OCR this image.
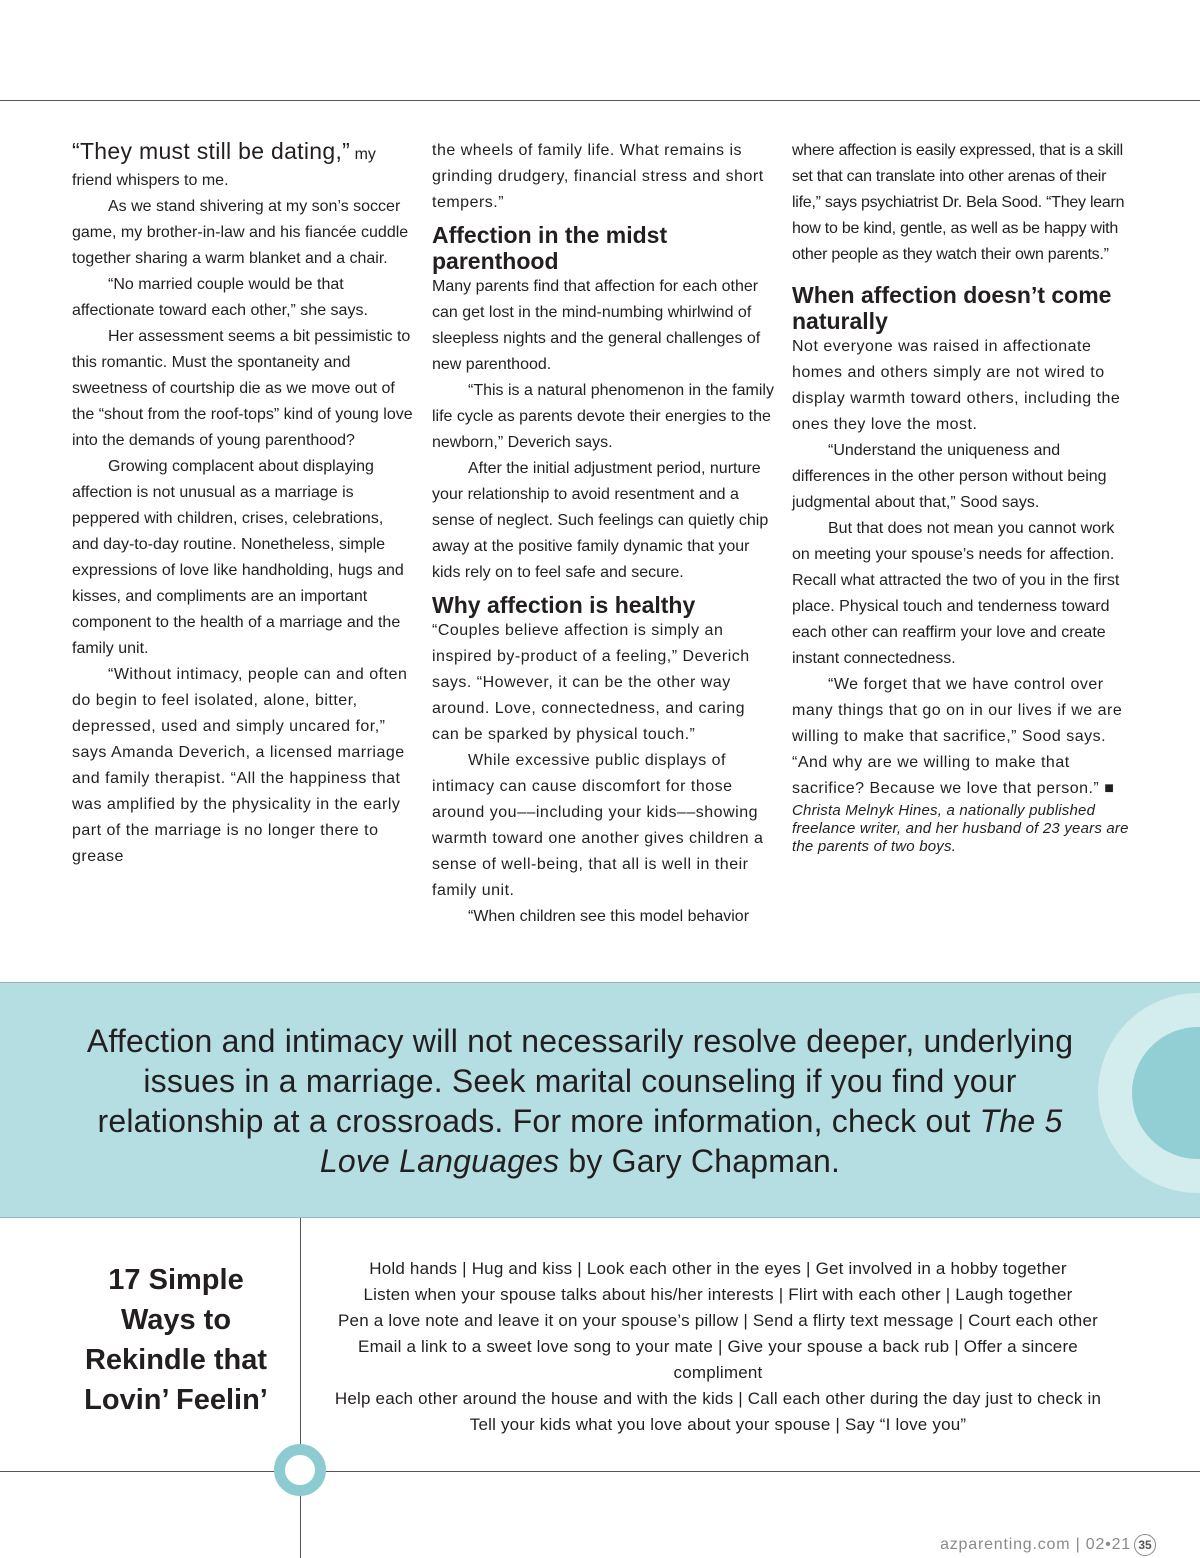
“They must still be dating,” my friend whispers to me.

As we stand shivering at my son’s soccer game, my brother-in-law and his fiancée cuddle together sharing a warm blanket and a chair.

“No married couple would be that affectionate toward each other,” she says.

Her assessment seems a bit pessimistic to this romantic. Must the spontaneity and sweetness of courtship die as we move out of the “shout from the roof-tops” kind of young love into the demands of young parenthood?

Growing complacent about displaying affection is not unusual as a marriage is peppered with children, crises, celebrations, and day-to-day routine. Nonetheless, simple expressions of love like handholding, hugs and kisses, and compliments are an important component to the health of a marriage and the family unit.

“Without intimacy, people can and often do begin to feel isolated, alone, bitter, depressed, used and simply uncared for,” says Amanda Deverich, a licensed marriage and family therapist. “All the happiness that was amplified by the physicality in the early part of the marriage is no longer there to grease

the wheels of family life. What remains is grinding drudgery, financial stress and short tempers.”

Affection in the midst parenthood

Many parents find that affection for each other can get lost in the mind-numbing whirlwind of sleepless nights and the general challenges of new parenthood.

“This is a natural phenomenon in the family life cycle as parents devote their energies to the newborn,” Deverich says.

After the initial adjustment period, nurture your relationship to avoid resentment and a sense of neglect. Such feelings can quietly chip away at the positive family dynamic that your kids rely on to feel safe and secure.

Why affection is healthy

“Couples believe affection is simply an inspired by-product of a feeling,” Deverich says. “However, it can be the other way around. Love, connectedness, and caring can be sparked by physical touch.”

While excessive public displays of intimacy can cause discomfort for those around you––including your kids––showing warmth toward one another gives children a sense of well-being, that all is well in their family unit.

“When children see this model behavior

where affection is easily expressed, that is a skill set that can translate into other arenas of their life,” says psychiatrist Dr. Bela Sood. “They learn how to be kind, gentle, as well as be happy with other people as they watch their own parents.”

When affection doesn’t come naturally

Not everyone was raised in affectionate homes and others simply are not wired to display warmth toward others, including the ones they love the most.

“Understand the uniqueness and differences in the other person without being judgmental about that,” Sood says.

But that does not mean you cannot work on meeting your spouse’s needs for affection. Recall what attracted the two of you in the first place. Physical touch and tenderness toward each other can reaffirm your love and create instant connectedness.

“We forget that we have control over many things that go on in our lives if we are willing to make that sacrifice,” Sood says. “And why are we willing to make that sacrifice? Because we love that person.” ■

Christa Melnyk Hines, a nationally published freelance writer, and her husband of 23 years are the parents of two boys.

Affection and intimacy will not necessarily resolve deeper, underlying issues in a marriage. Seek marital counseling if you find your relationship at a crossroads. For more information, check out The 5 Love Languages by Gary Chapman.

17 Simple Ways to Rekindle that Lovin’ Feelin’
Hold hands | Hug and kiss | Look each other in the eyes | Get involved in a hobby together
Listen when your spouse talks about his/her interests | Flirt with each other | Laugh together
Pen a love note and leave it on your spouse’s pillow | Send a flirty text message | Court each other
Email a link to a sweet love song to your mate | Give your spouse a back rub | Offer a sincere compliment
Help each other around the house and with the kids | Call each other during the day just to check in
Tell your kids what you love about your spouse | Say “I love you”
azparenting.com | 02•21 35
